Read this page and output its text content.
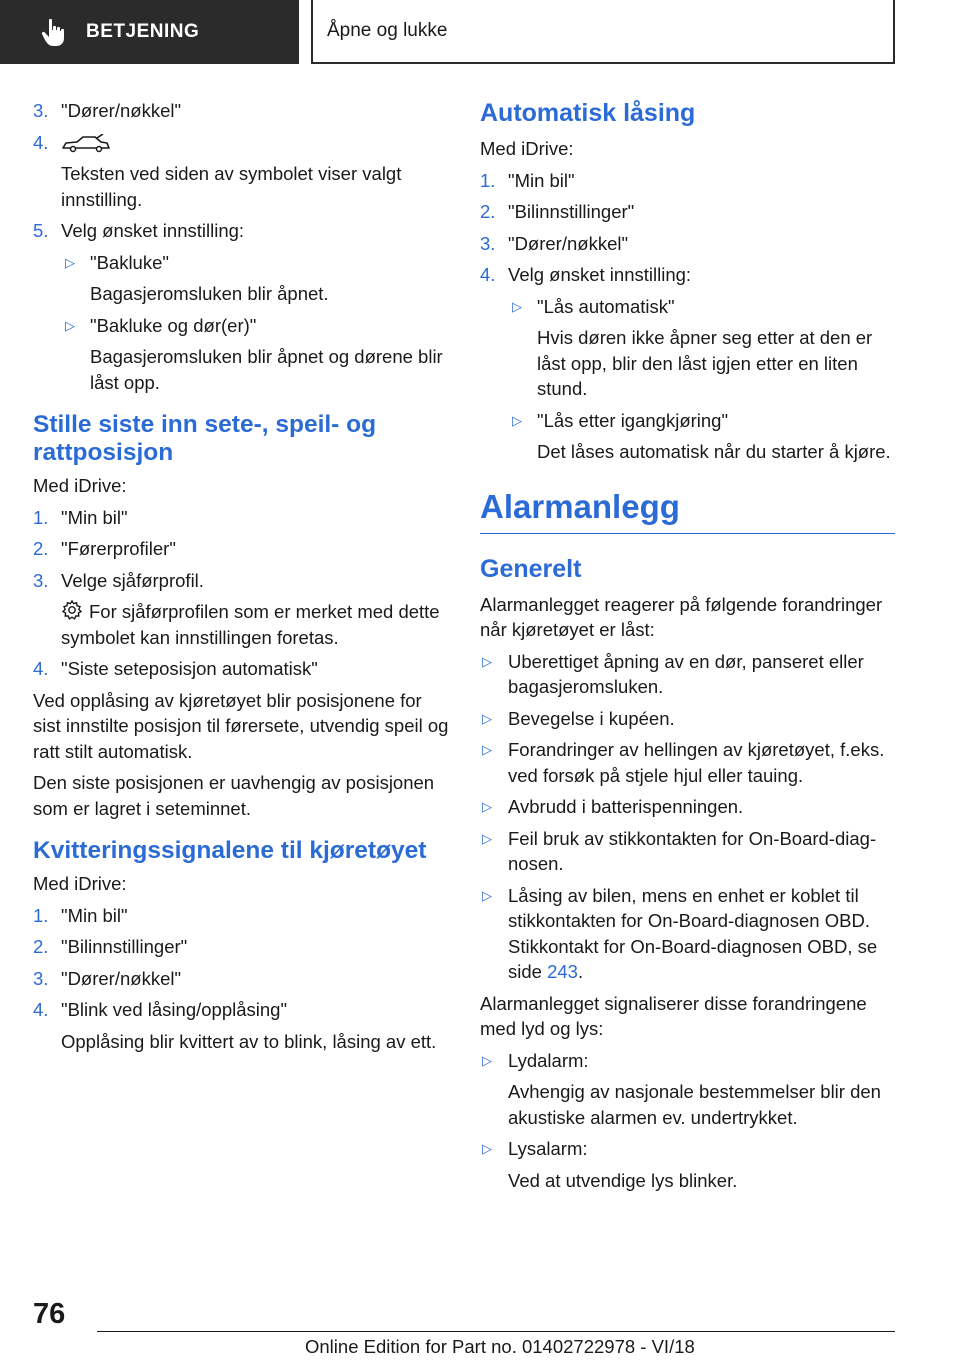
BETJENING	Åpne og lukke
3. "Dører/nøkkel"
4.
Teksten ved siden av symbolet viser valgt innstilling.
5. Velg ønsket innstilling:
▷ "Bakluke"
Bagasjeromsluken blir åpnet.
▷ "Bakluke og dør(er)"
Bagasjeromsluken blir åpnet og dørene blir låst opp.
Stille siste inn sete-, speil- og rattposisjon
Med iDrive:
1. "Min bil"
2. "Førerprofiler"
3. Velge sjåførprofil.
For sjåførprofilen som er merket med dette symbolet kan innstillingen foretas.
4. "Siste seteposisjon automatisk"
Ved opplåsing av kjøretøyet blir posisjonene for sist innstilte posisjon til førersete, utvendig speil og ratt stilt automatisk.
Den siste posisjonen er uavhengig av posisjonen som er lagret i seteminnet.
Kvitteringssignalene til kjøretøyet
Med iDrive:
1. "Min bil"
2. "Bilinnstillinger"
3. "Dører/nøkkel"
4. "Blink ved låsing/opplåsing"
Opplåsing blir kvittert av to blink, låsing av ett.
Automatisk låsing
Med iDrive:
1. "Min bil"
2. "Bilinnstillinger"
3. "Dører/nøkkel"
4. Velg ønsket innstilling:
▷ "Lås automatisk"
Hvis døren ikke åpner seg etter at den er låst opp, blir den låst igjen etter en liten stund.
▷ "Lås etter igangkjøring"
Det låses automatisk når du starter å kjøre.
Alarmanlegg
Generelt
Alarmanlegget reagerer på følgende forandringer når kjøretøyet er låst:
▷ Uberettiget åpning av en dør, panseret eller bagasjeromsluken.
▷ Bevegelse i kupéen.
▷ Forandringer av hellingen av kjøretøyet, f.eks. ved forsøk på stjele hjul eller tauing.
▷ Avbrudd i batterispenningen.
▷ Feil bruk av stikkontakten for On-Board-diagnosen.
▷ Låsing av bilen, mens en enhet er koblet til stikkontakten for On-Board-diagnosen OBD. Stikkontakt for On-Board-diagnosen OBD, se side 243.
Alarmanlegget signaliserer disse forandringene med lyd og lys:
▷ Lydalarm:
Avhengig av nasjonale bestemmelser blir den akustiske alarmen ev. undertrykket.
▷ Lysalarm:
Ved at utvendige lys blinker.
76
Online Edition for Part no. 01402722978 - VI/18
